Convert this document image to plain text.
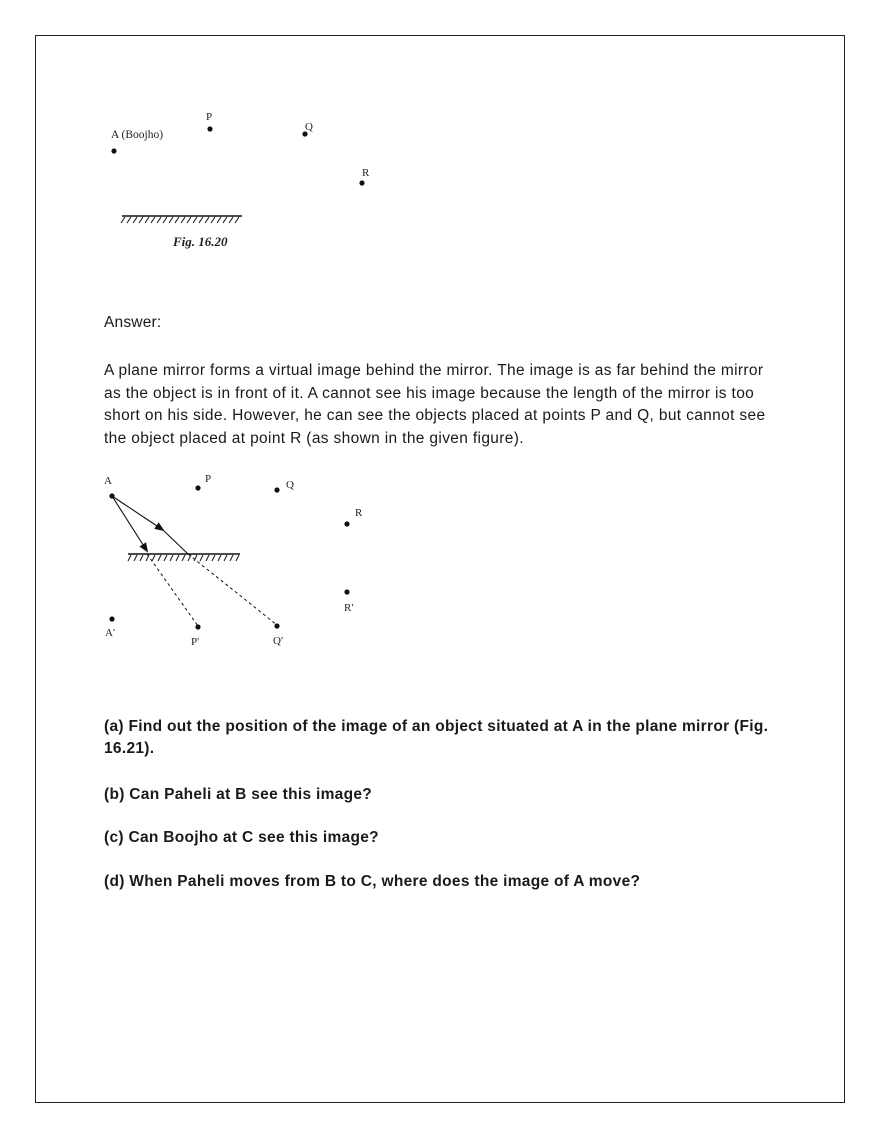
A (Boojho)
P
Q
R
Fig. 16.20
Answer:

A plane mirror forms a virtual image behind the mirror. The image is as far behind the mirror as the object is in front of it. A cannot see his image because the length of the mirror is too short on his side. However, he can see the objects placed at points P and Q, but cannot see the object placed at point R (as shown in the given figure).

A	P	Q
R
A'
P'	Q'
R'

(a) Find out the position of the image of an object situated at A in the plane mirror (Fig. 16.21).

(b) Can Paheli at B see this image?

(c) Can Boojho at C see this image?

(d) When Paheli moves from B to C, where does the image of A move?
